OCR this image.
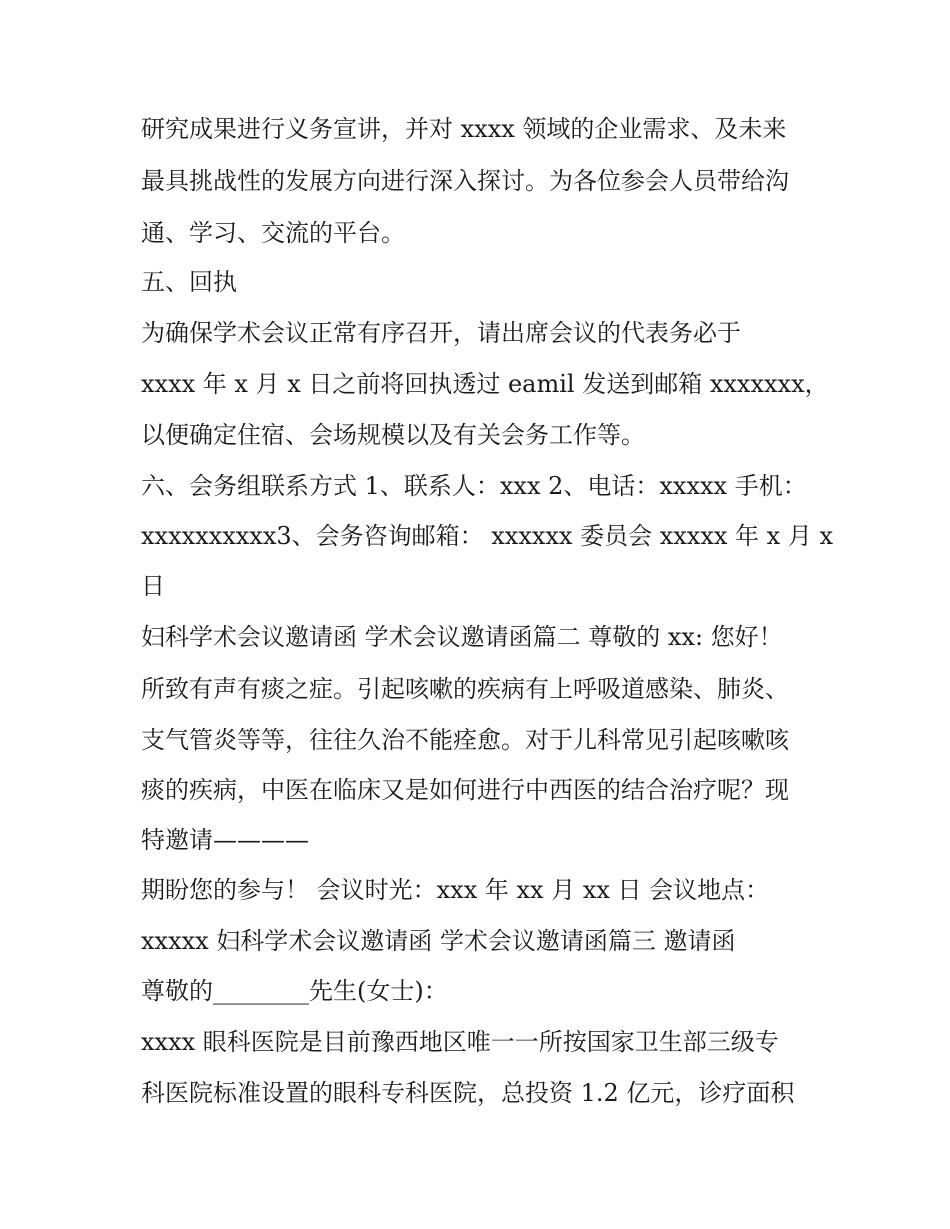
研究成果进行义务宣讲，并对 xxxx 领域的企业需求、及未来
最具挑战性的发展方向进行深入探讨。为各位参会人员带给沟
通、学习、交流的平台。
五、回执
为确保学术会议正常有序召开，请出席会议的代表务必于
xxxx 年 x 月 x 日之前将回执透过 eamil 发送到邮箱 xxxxxxx，
以便确定住宿、会场规模以及有关会务工作等。
六、会务组联系方式 1、联系人：xxx 2、电话：xxxxx 手机：
xxxxxxxxxx3、会务咨询邮箱： xxxxxx 委员会 xxxxx 年 x 月 x
日
妇科学术会议邀请函 学术会议邀请函篇二 尊敬的 xx: 您好！
所致有声有痰之症。引起咳嗽的疾病有上呼吸道感染、肺炎、
支气管炎等等，往往久治不能痊愈。对于儿科常见引起咳嗽咳
痰的疾病，中医在临床又是如何进行中西医的结合治疗呢？现
特邀请————
期盼您的参与！ 会议时光：xxx 年 xx 月 xx 日 会议地点：
xxxxx 妇科学术会议邀请函 学术会议邀请函篇三 邀请函
尊敬的________先生(女士)：
xxxx 眼科医院是目前豫西地区唯一一所按国家卫生部三级专
科医院标准设置的眼科专科医院，总投资 1.2 亿元，诊疗面积
